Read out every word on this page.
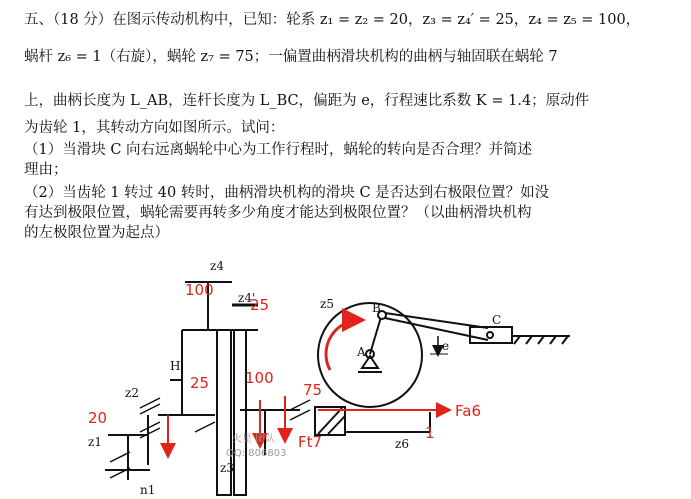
五、（18 分）在图示传动机构中，已知：轮系 z₁ = z₂ = 20，z₃ = z₄′ = 25，z₄ = z₅ = 100，
蜗杆 z₆ = 1（右旋），蜗轮 z₇ = 75；一偏置曲柄滑块机构的曲柄与轴固联在蜗轮 7
上，曲柄长度为 L_AB，连杆长度为 L_BC，偏距为 e，行程速比系数 K = 1.4；原动件
为齿轮 1，其转动方向如图所示。试问：
（1）当滑块 C 向右远离蜗轮中心为工作行程时，蜗轮的转向是否合理？并简述
理由；
（2）当齿轮 1 转过 40 转时，曲柄滑块机构的滑块 C 是否达到右极限位置？如没
有达到极限位置，蜗轮需要再转多少角度才能达到极限位置？（以曲柄滑块机构
的左极限位置为起点）
z4
z4'
z3
z2
z1
H
n1
z5
z6
A
B
C
e
100
25
25 100
20
75
Ft7
Fa6
1
火星 团队
QQ: 806803
